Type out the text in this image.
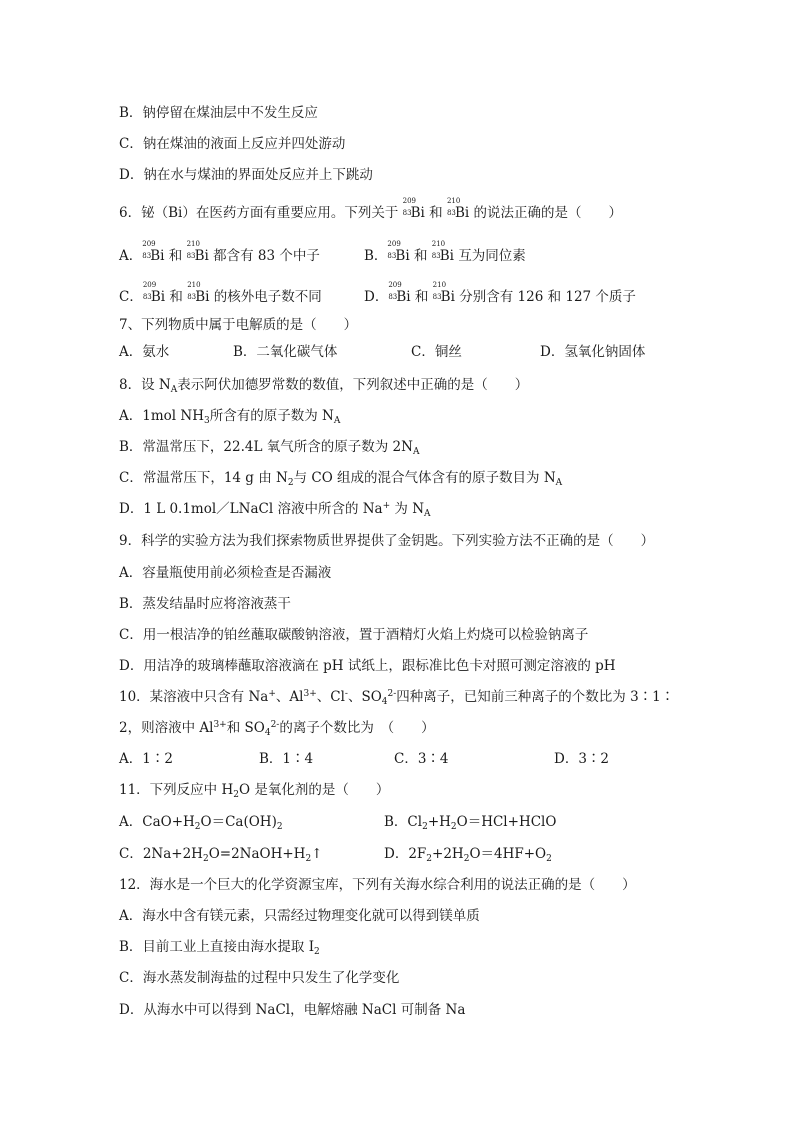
B．钠停留在煤油层中不发生反应
C．钠在煤油的液面上反应并四处游动
D．钠在水与煤油的界面处反应并上下跳动
6．铋（Bi）在医药方面有重要应用。下列关于
209
83 Bi 和
210
83 Bi 的说法正确的是（　　）
A．
209
83 Bi 和
210
83 Bi 都含有 83 个中子	B．
209
83 Bi 和
210
83 Bi 互为同位素
C．
209
83 Bi 和
210
83 Bi 的核外电子数不同	D．
209
83 Bi 和
210
83 Bi 分别含有 126 和 127 个质子
7、下列物质中属于电解质的是（　　）
A．氨水	B．二氧化碳气体	C．铜丝	D．氢氧化钠固体
8．设 $N_A$表示阿伏加德罗常数的数值，下列叙述中正确的是（　　）
A．1mol $NH_3$所含有的原子数为 $N_A$
B．常温常压下，22.4L 氧气所含的原子数为 $2N_A$
C．常温常压下，14 g 由 $N_2$与 CO 组成的混合气体含有的原子数目为 $N_A$
D．1 L 0.1mol／LNaCl 溶液中所含的 Na+ 为 $N_A$
9．科学的实验方法为我们探索物质世界提供了金钥匙。下列实验方法不正确的是（　　）
A．容量瓶使用前必须检查是否漏液
B．蒸发结晶时应将溶液蒸干
C．用一根洁净的铂丝蘸取碳酸钠溶液，置于酒精灯火焰上灼烧可以检验钠离子
D．用洁净的玻璃棒蘸取溶液滴在 pH 试纸上，跟标准比色卡对照可测定溶液的 pH
10．某溶液中只含有 Na+、$Al^{3+}$、Cl-、$SO_4^{2-}$四种离子，已知前三种离子的个数比为 3∶1∶
2，则溶液中 $Al^{3+}$和 $SO_4^{2-}$的离子个数比为　（　　）
A．1∶2	B．1∶4	C．3∶4	D．3∶2
11．下列反应中 $H_2O$ 是氧化剂的是（　　）
A．$CaO+H_2O=Ca(OH)_2$	B．$Cl_2+H_2O=HCl+HClO$
C．$2Na+2H_2O=2NaOH+H_2↑$	D．$2F_2+2H_2O=4HF+O_2$
12．海水是一个巨大的化学资源宝库，下列有关海水综合利用的说法正确的是（　　）
A．海水中含有镁元素，只需经过物理变化就可以得到镁单质
B．目前工业上直接由海水提取 $I_2$
C．海水蒸发制海盐的过程中只发生了化学变化
D．从海水中可以得到 NaCl，电解熔融 NaCl 可制备 Na
